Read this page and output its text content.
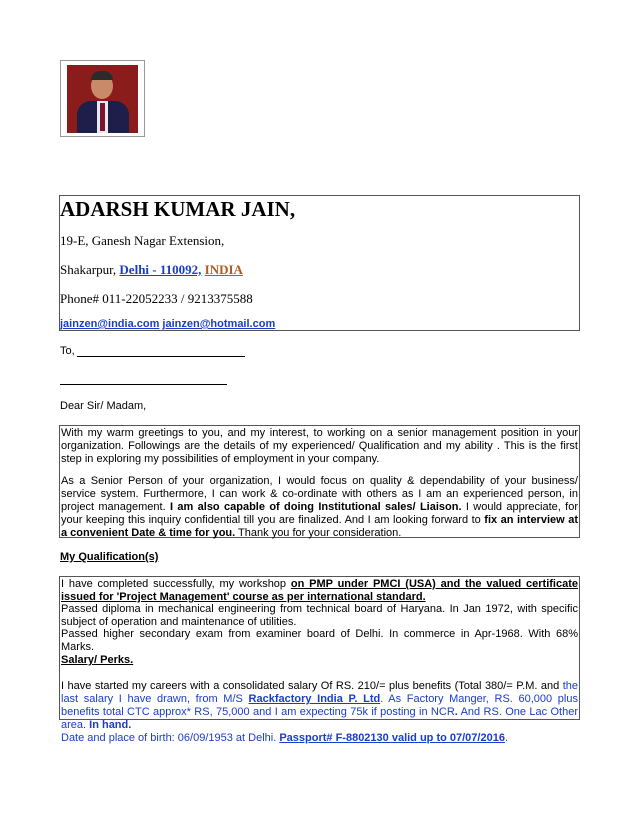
ADARSH KUMAR JAIN,
19-E, Ganesh Nagar Extension,
Shakarpur, Delhi - 110092, INDIA
Phone# 011-22052233 / 9213375588
jainzen@india.com jainzen@hotmail.com
To,
Dear Sir/ Madam,
With my warm greetings to you, and my interest, to working on a senior management position in your organization. Followings are the details of my experienced/ Qualification and my ability . This is the first step in exploring my possibilities of employment in your company.
As a Senior Person of your organization, I would focus on quality & dependability of your business/ service system. Furthermore, I can work & co-ordinate with others as I am an experienced person, in project management. I am also capable of doing Institutional sales/ Liaison. I would appreciate, for your keeping this inquiry confidential till you are finalized. And I am looking forward to fix an interview at a convenient Date & time for you. Thank you for your consideration.
My Qualification(s)
I have completed successfully, my workshop on PMP under PMCI (USA) and the valued certificate issued for 'Project Management' course as per international standard.
Passed diploma in mechanical engineering from technical board of Haryana. In Jan 1972, with specific subject of operation and maintenance of utilities.
Passed higher secondary exam from examiner board of Delhi. In commerce in Apr-1968. With 68% Marks.
Salary/ Perks.
I have started my careers with a consolidated salary Of RS. 210/= plus benefits (Total 380/= P.M. and the last salary I have drawn, from M/S Rackfactory India P. Ltd. As Factory Manger, RS. 60,000 plus benefits total CTC approx* RS, 75,000 and I am expecting 75k if posting in NCR. And RS. One Lac Other area. In hand.
Date and place of birth: 06/09/1953 at Delhi. Passport# F-8802130 valid up to 07/07/2016.
